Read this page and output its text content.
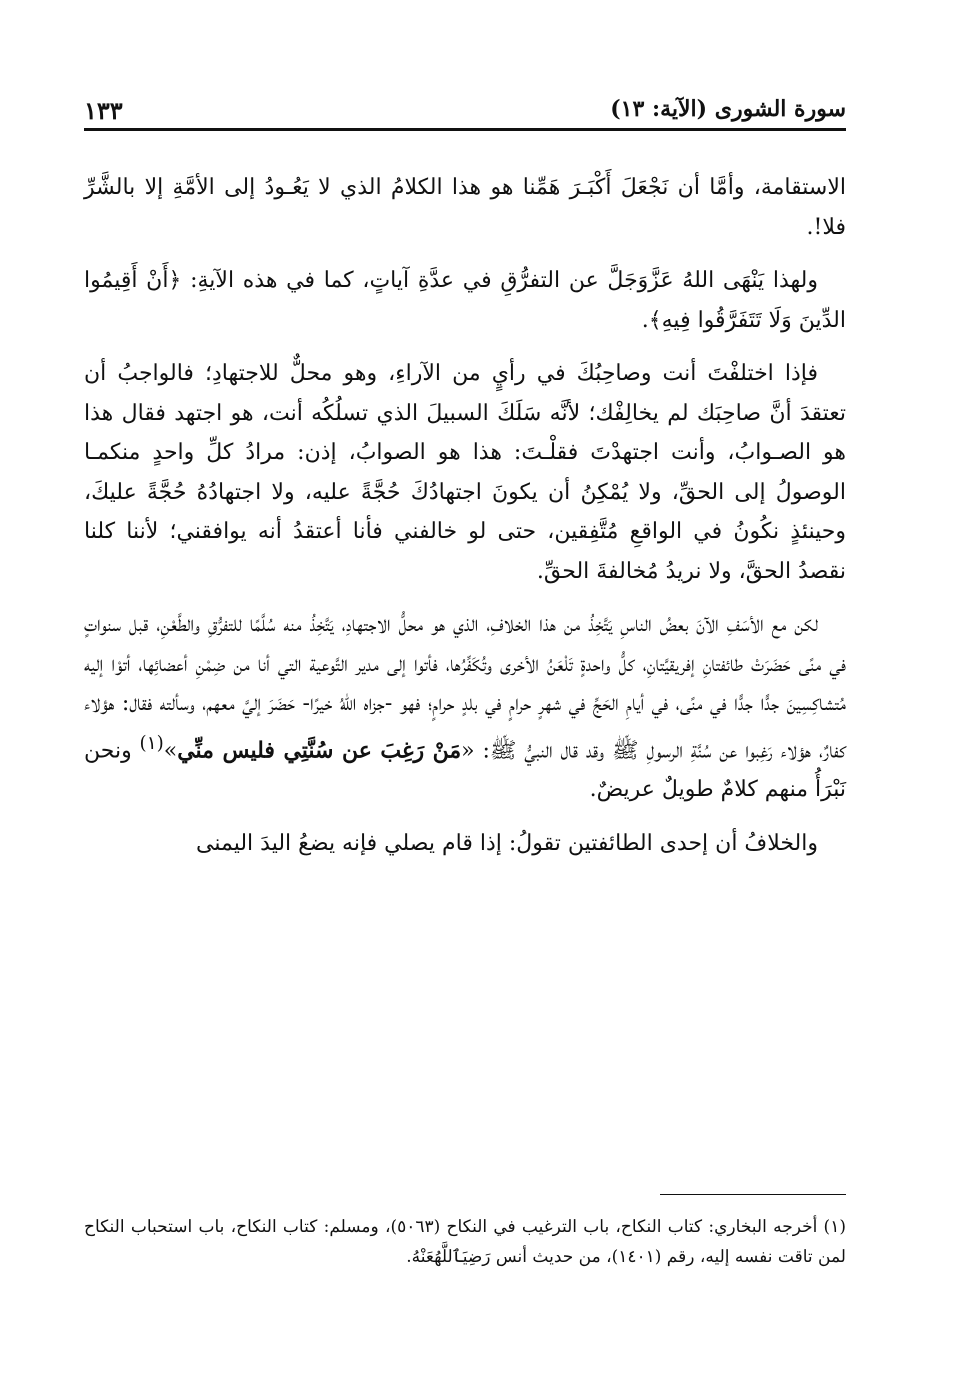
سورة الشورى (الآية: ١٣)
١٣٣

الاستقامة، وأمَّا أن نَجْعَلَ أَكْبَـرَ هَمِّنا هو هذا الكلامُ الذي لا يَعُـودُ إلى الأمَّةِ إلا بالشَّرِّ فلا!.

ولهذا يَنْهَى اللهُ عَزَّوَجَلَّ عن التفرُّقِ في عدَّةِ آياتٍ، كما في هذه الآيةِ: ﴿أَنْ أَقِيمُوا الدِّينَ وَلَا تَتَفَرَّقُوا فِيهِ﴾.

فإذا اختلفْتَ أنت وصاحِبُكَ في رأيٍ من الآراءِ، وهو محلٌّ للاجتهادِ؛ فالواجبُ أن تعتقدَ أنَّ صاحِبَك لم يخالِفْك؛ لأنَّه سَلَكَ السبيلَ الذي تسلُكُه أنت، هو اجتهد فقال هذا هو الصـوابُ، وأنت اجتهدْتَ فقلْـتَ: هذا هو الصوابُ، إذن: مرادُ كلِّ واحدٍ منكمـا الوصولُ إلى الحقِّ، ولا يُمْكِنُ أن يكونَ اجتهادُكَ حُجَّةً عليه، ولا اجتهادُهُ حُجَّةً عليكَ، وحينئذٍ نكُونُ في الواقعِ مُتَّفِقين، حتى لو خالفني فأنا أعتقدُ أنه يوافقني؛ لأننا كلنا نقصدُ الحقَّ، ولا نريدُ مُخالفةَ الحقِّ.

لكن مع الأسَفِ الآنَ بعضُ الناسِ يَتَّخِذُ من هذا الخلافِ، الذي هو محلُّ الاجتهادِ، يَتَّخِذُ منه سُلَّمًا للتفرُّقِ والطَّعْنِ، قبل سنواتٍ في منًى حَضَرَتْ طائفتانِ إفريقيَّتانِ، كلُّ واحدةٍ تَلْعَنُ الأخرى وتُكَفِّرُها، فأتوا إلى مدير التَّوعية التي أنا من ضِمْنِ أعضائِها، أتوْا إليه مُتشاكِسِينَ جدًّا جدًّا في منًى، في أيامِ الحَجِّ في شهرٍ حرامٍ في بلدٍ حرامٍ؛ فهو -جزاه اللهُ خيرًا- حَضَرَ إليَّ معهم، وسألته فقال: هؤلاء كفارٌ، هؤلاء رَغِبوا عن سُنَّةِ الرسولِ ﷺ وقد قال النبيُّ ﷺ: «مَنْ رَغِبَ عن سُنَّتِي فليس منِّي»$^{(١)}$ ونحن نَبْرَأُ منهم كلامٌ طويلٌ عريضٌ.

والخلافُ أن إحدى الطائفتين تقولُ: إذا قام يصلي فإنه يضعُ اليدَ اليمنى

(١) أخرجه البخاري: كتاب النكاح، باب الترغيب في النكاح (٥٠٦٣)، ومسلم: كتاب النكاح، باب استحباب النكاح لمن تاقت نفسه إليه، رقم (١٤٠١)، من حديث أنس رَضِيَٱللَّهُعَنْهُ.
